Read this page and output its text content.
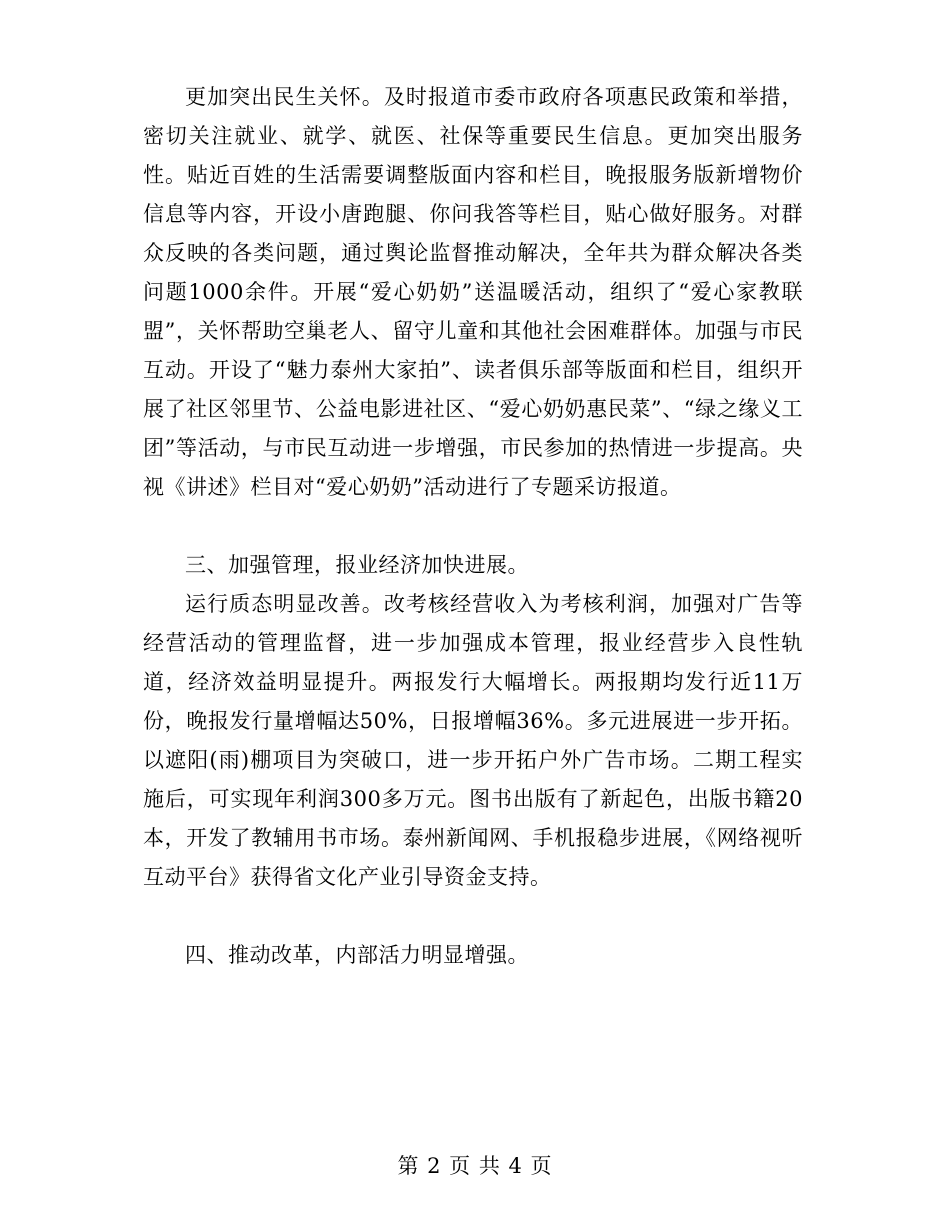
更加突出民生关怀。及时报道市委市政府各项惠民政策和举措，密切关注就业、就学、就医、社保等重要民生信息。更加突出服务性。贴近百姓的生活需要调整版面内容和栏目，晚报服务版新增物价信息等内容，开设小唐跑腿、你问我答等栏目，贴心做好服务。对群众反映的各类问题，通过舆论监督推动解决，全年共为群众解决各类问题1000余件。开展“爱心奶奶”送温暖活动，组织了“爱心家教联盟”，关怀帮助空巢老人、留守儿童和其他社会困难群体。加强与市民互动。开设了“魅力泰州大家拍”、读者俱乐部等版面和栏目，组织开展了社区邻里节、公益电影进社区、“爱心奶奶惠民菜”、“绿之缘义工团”等活动，与市民互动进一步增强，市民参加的热情进一步提高。央视《讲述》栏目对“爱心奶奶”活动进行了专题采访报道。

三、加强管理，报业经济加快进展。

运行质态明显改善。改考核经营收入为考核利润，加强对广告等经营活动的管理监督，进一步加强成本管理，报业经营步入良性轨道，经济效益明显提升。两报发行大幅增长。两报期均发行近11万份，晚报发行量增幅达50%，日报增幅36%。多元进展进一步开拓。以遮阳(雨)棚项目为突破口，进一步开拓户外广告市场。二期工程实施后，可实现年利润300多万元。图书出版有了新起色，出版书籍20本，开发了教辅用书市场。泰州新闻网、手机报稳步进展，《网络视听互动平台》获得省文化产业引导资金支持。

四、推动改革，内部活力明显增强。

第 2 页 共 4 页
